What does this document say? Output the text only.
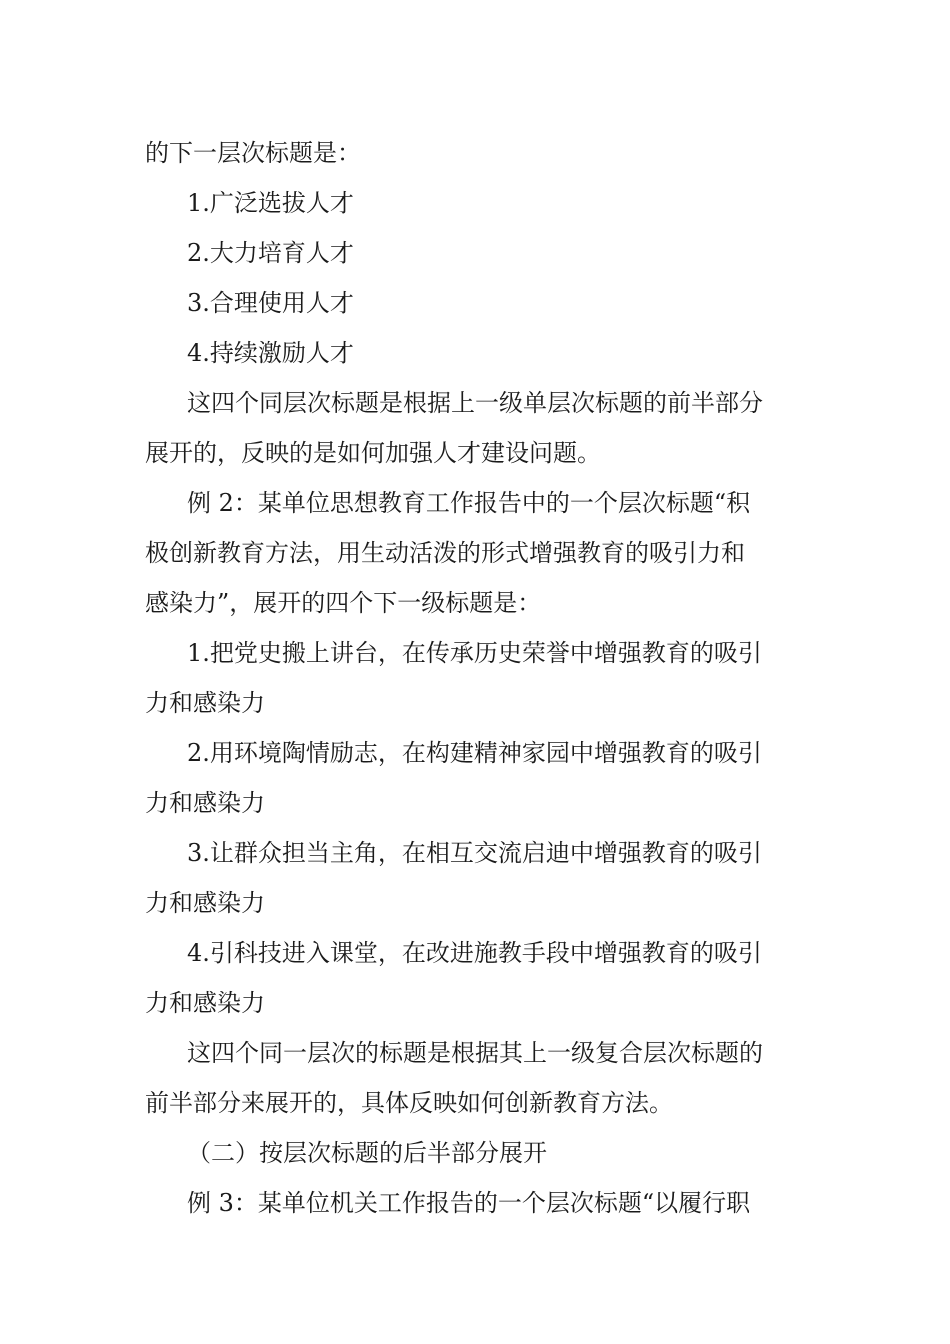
的下一层次标题是：
1.广泛选拔人才
2.大力培育人才
3.合理使用人才
4.持续激励人才
这四个同层次标题是根据上一级单层次标题的前半部分
展开的，反映的是如何加强人才建设问题。
例 2：某单位思想教育工作报告中的一个层次标题“积
极创新教育方法，用生动活泼的形式增强教育的吸引力和
感染力”，展开的四个下一级标题是：
1.把党史搬上讲台，在传承历史荣誉中增强教育的吸引
力和感染力
2.用环境陶情励志，在构建精神家园中增强教育的吸引
力和感染力
3.让群众担当主角，在相互交流启迪中增强教育的吸引
力和感染力
4.引科技进入课堂，在改进施教手段中增强教育的吸引
力和感染力
这四个同一层次的标题是根据其上一级复合层次标题的
前半部分来展开的，具体反映如何创新教育方法。
（二）按层次标题的后半部分展开
例 3：某单位机关工作报告的一个层次标题“以履行职
